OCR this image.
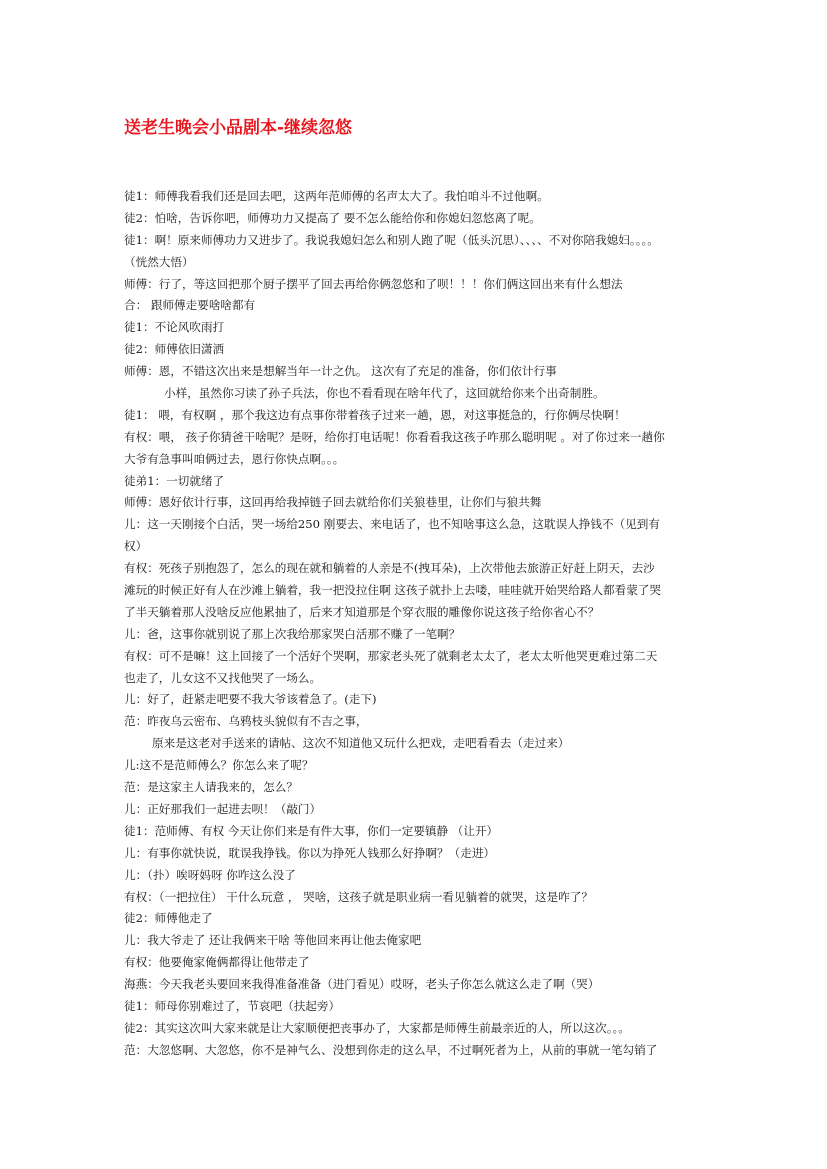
送老生晚会小品剧本-继续忽悠
徒1：师傅我看我们还是回去吧，这两年范师傅的名声太大了。我怕咱斗不过他啊。
徒2：怕啥，告诉你吧，师傅功力又提高了 要不怎么能给你和你媳妇忽悠离了呢。
徒1：啊！原来师傅功力又进步了。我说我媳妇怎么和别人跑了呢（低头沉思）、、、、不对你陪我媳妇。。。。
（恍然大悟）
师傅：行了，等这回把那个厨子摆平了回去再给你俩忽悠和了呗！！！你们俩这回出来有什么想法
合： 跟师傅走要啥啥都有
徒1：不论风吹雨打
徒2：师傅依旧潇洒
师傅：恩，不错这次出来是想解当年一计之仇。 这次有了充足的准备，你们依计行事
小样，虽然你习读了孙子兵法，你也不看看现在啥年代了，这回就给你来个出奇制胜。
徒1： 喂，有权啊 ，那个我这边有点事你带着孩子过来一趟，恩，对这事挺急的，行你俩尽快啊！
有权：喂， 孩子你猜爸干啥呢？是呀，给你打电话呢！你看看我这孩子咋那么聪明呢 。对了你过来一趟你
大爷有急事叫咱俩过去，恩行你快点啊。。。
徒弟1：一切就绪了
师傅：恩好依计行事，这回再给我掉链子回去就给你们关狼巷里，让你们与狼共舞
儿：这一天刚接个白活，哭一场给250 刚要去、来电话了，也不知啥事这么急，这耽误人挣钱不（见到有
权）
有权：死孩子别抱怨了，怎么的现在就和躺着的人亲是不(拽耳朵)，上次带他去旅游正好赶上阴天，去沙
滩玩的时候正好有人在沙滩上躺着，我一把没拉住啊 这孩子就扑上去喽，哇哇就开始哭给路人都看蒙了哭
了半天躺着那人没啥反应他累抽了，后来才知道那是个穿衣服的雕像你说这孩子给你省心不？
儿：爸，这事你就别说了那上次我给那家哭白活那不赚了一笔啊？
有权：可不是嘛！这上回接了一个活好个哭啊，那家老头死了就剩老太太了，老太太听他哭更难过第二天
也走了，儿女这不又找他哭了一场么。
儿：好了，赶紧走吧要不我大爷该着急了。(走下)
范：昨夜乌云密布、乌鸦枝头貌似有不吉之事，
原来是这老对手送来的请帖、这次不知道他又玩什么把戏，走吧看看去（走过来）
儿:这不是范师傅么？你怎么来了呢？
范：是这家主人请我来的，怎么？
儿：正好那我们一起进去呗！（敲门）
徒1：范师傅、有权 今天让你们来是有件大事，你们一定要镇静 （让开）
儿：有事你就快说，耽误我挣钱。你以为挣死人钱那么好挣啊？（走进）
儿：（扑）唉呀妈呀 你咋这么没了
有权：（一把拉住） 干什么玩意 ， 哭啥，这孩子就是职业病一看见躺着的就哭，这是咋了？
徒2：师傅他走了
儿：我大爷走了 还让我俩来干啥 等他回来再让他去俺家吧
有权：他要俺家俺俩都得让他带走了
海燕：今天我老头要回来我得准备准备（进门看见）哎呀，老头子你怎么就这么走了啊（哭）
徒1：师母你别难过了，节哀吧（扶起旁）
徒2：其实这次叫大家来就是让大家顺便把丧事办了，大家都是师傅生前最亲近的人，所以这次。。。
范：大忽悠啊、大忽悠，你不是神气么、没想到你走的这么早，不过啊死者为上，从前的事就一笔勾销了
